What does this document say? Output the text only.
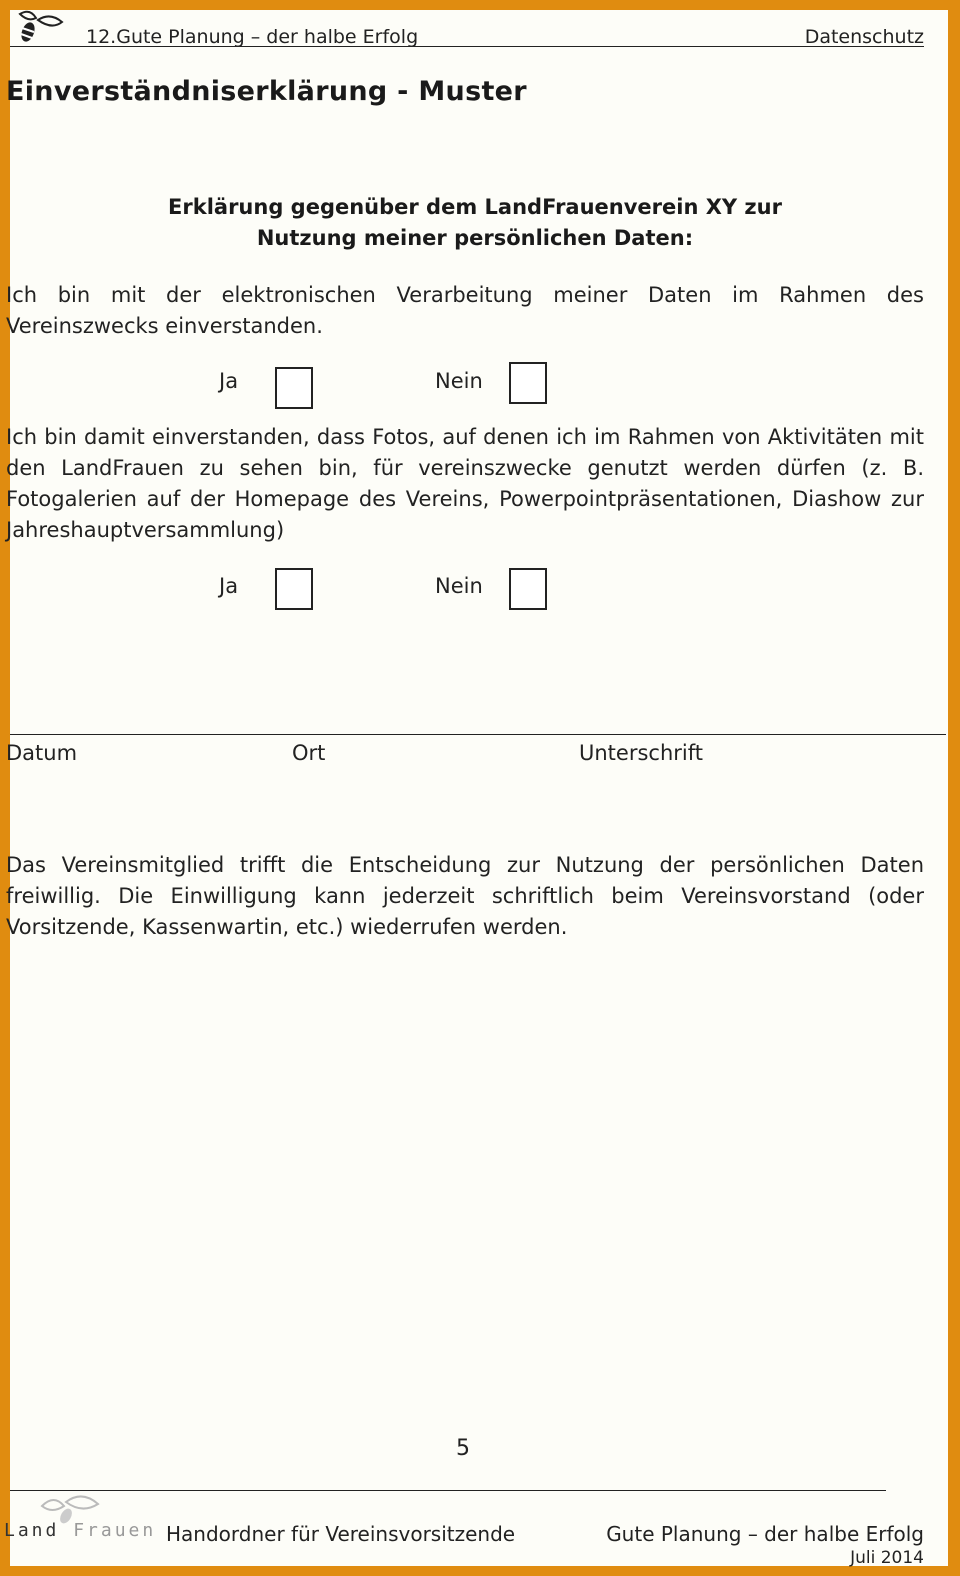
12.Gute Planung – der halbe Erfolg	Datenschutz
Einverständniserklärung - Muster
Erklärung gegenüber dem LandFrauenverein XY zur
Nutzung meiner persönlichen Daten:
Ich bin mit der elektronischen Verarbeitung meiner Daten im Rahmen des Vereinszwecks einverstanden.
Ja	Nein
Ich bin damit einverstanden, dass Fotos, auf denen ich im Rahmen von Aktivitäten mit den LandFrauen zu sehen bin, für vereinszwecke genutzt werden dürfen (z. B. Fotogalerien auf der Homepage des Vereins, Powerpointpräsentationen, Diashow zur Jahreshauptversammlung)
Ja	Nein
Datum	Ort	Unterschrift
Das Vereinsmitglied trifft die Entscheidung zur Nutzung der persönlichen Daten freiwillig. Die Einwilligung kann jederzeit schriftlich beim Vereinsvorstand (oder Vorsitzende, Kassenwartin, etc.) wiederrufen werden.
5
Land Frauen Handordner für Vereinsvorsitzende	Gute Planung – der halbe Erfolg
Juli 2014
